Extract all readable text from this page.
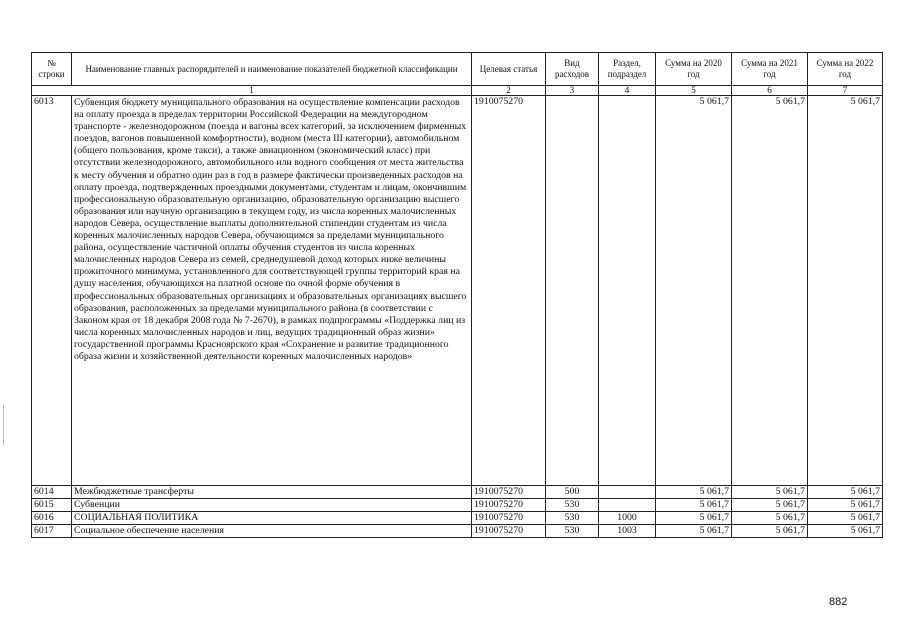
№ строки	Наименование главных распорядителей и наименование показателей бюджетной классификации	Целевая статья	Вид расходов	Раздел, подраздел	Сумма на 2020 год	Сумма на 2021 год	Сумма на 2022 год
1		2	3	4	5	6	7
6013	Субвенция бюджету муниципального образования на осуществление компенсации расходов на оплату проезда в пределах территории Российской Федерации на междугородном транспорте - железнодорожном (поезда и вагоны всех категорий, за исключением фирменных поездов, вагонов повышенной комфортности), водном (места III категории), автомобильном (общего пользования, кроме такси), а также авиационном (экономический класс) при отсутствии железнодорожного, автомобильного или водного сообщения от места жительства к месту обучения и обратно один раз в год в размере фактически произведенных расходов на оплату проезда, подтвержденных проездными документами, студентам и лицам, окончившим профессиональную образовательную организацию, образовательную организацию высшего образования или научную организацию в текущем году, из числа коренных малочисленных народов Севера, осуществление выплаты дополнительной стипендии студентам из числа коренных малочисленных народов Севера, обучающимся за пределами муниципального района, осуществление частичной оплаты обучения студентов из числа коренных малочисленных народов Севера из семей, среднедушевой доход которых ниже величины прожиточного минимума, установленного для соответствующей группы территорий края на душу населения, обучающихся на платной основе по очной форме обучения в профессиональных образовательных организациях и образовательных организациях высшего образования, расположенных за пределами муниципального района (в соответствии с Законом края от 18 декабря 2008 года № 7-2670), в рамках подпрограммы «Поддержка лиц из числа коренных малочисленных народов и лиц, ведущих традиционный образ жизни» государственной программы Красноярского края «Сохранение и развитие традиционного образа жизни и хозяйственной деятельности коренных малочисленных народов»	1910075270			5 061,7	5 061,7	5 061,7
6014	Межбюджетные трансферты	1910075270	500		5 061,7	5 061,7	5 061,7
6015	Субвенции	1910075270	530		5 061,7	5 061,7	5 061,7
6016	СОЦИАЛЬНАЯ ПОЛИТИКА	1910075270	530	1000	5 061,7	5 061,7	5 061,7
6017	Социальное обеспечение населения	1910075270	530	1003	5 061,7	5 061,7	5 061,7
882
